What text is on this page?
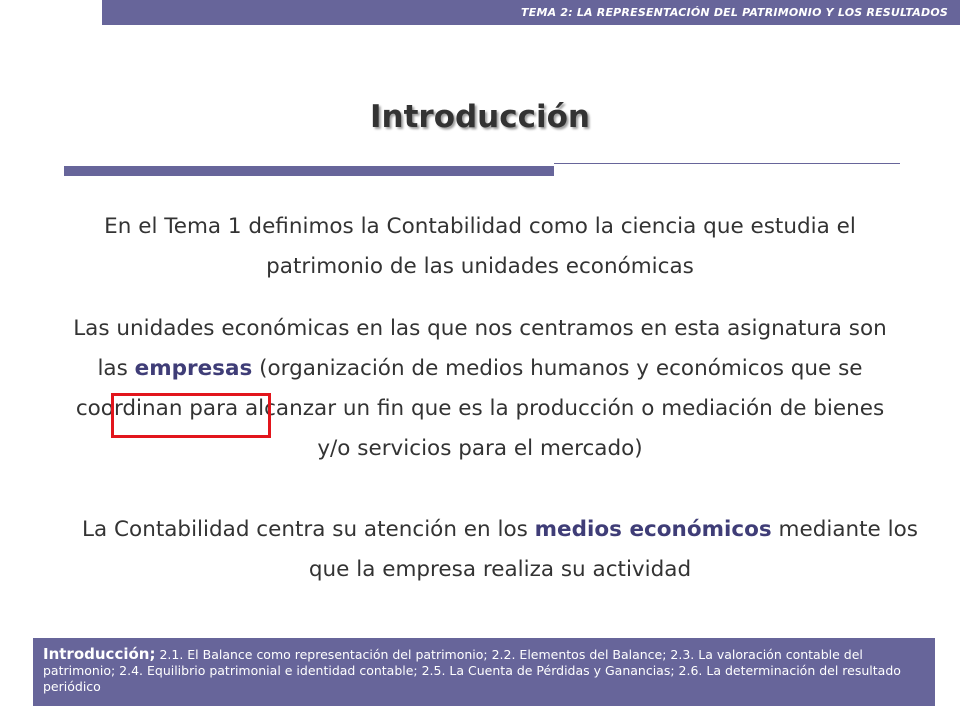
TEMA 2: LA REPRESENTACIÓN DEL PATRIMONIO Y LOS RESULTADOS
Introducción
En el Tema 1 definimos la Contabilidad como la ciencia que estudia el patrimonio de las unidades económicas
Las unidades económicas en las que nos centramos en esta asignatura son las empresas (organización de medios humanos y económicos que se coordinan para alcanzar un fin que es la producción o mediación de bienes y/o servicios para el mercado)
La Contabilidad centra su atención en los medios económicos mediante los que la empresa realiza su actividad
Introducción; 2.1. El Balance como representación del patrimonio; 2.2. Elementos del Balance; 2.3. La valoración contable del patrimonio; 2.4. Equilibrio patrimonial e identidad contable; 2.5. La Cuenta de Pérdidas y Ganancias; 2.6. La determinación del resultado periódico
